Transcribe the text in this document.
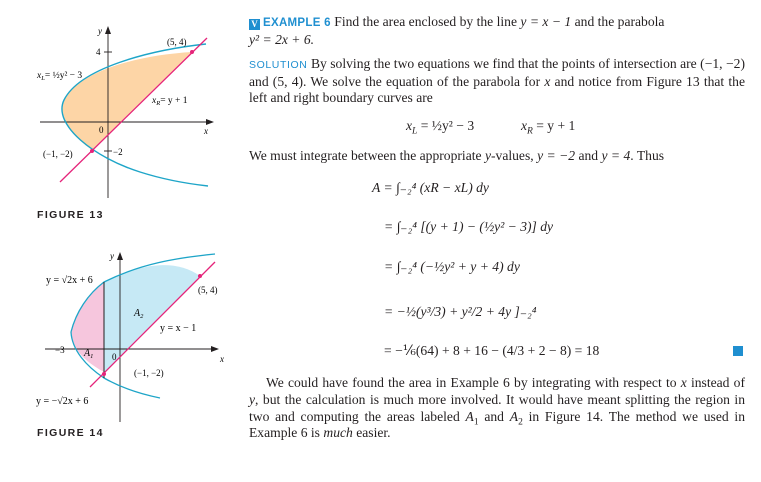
y
x
4
−2
0
(5, 4)
(−1, −2)
$x_L=$ ½y² − 3
$x_R= y + 1$
FIGURE 13
y
x
−3
0
(5, 4)
(−1, −2)
$A_1$
$A_2$
y = √2x + 6
y = −√2x + 6
y = x − 1
FIGURE 14

V EXAMPLE 6 Find the area enclosed by the line y = x − 1 and the parabola
y² = 2x + 6.

SOLUTION By solving the two equations we find that the points of intersection are (−1, −2) and (5, 4). We solve the equation of the parabola for x and notice from Figure 13 that the left and right boundary curves are

$x_L$ = ½y² − 3	$x_R = y + 1$
We must integrate between the appropriate y-values, y = −2 and y = 4. Thus
A = ∫₋₂⁴ (xR − xL) dy
= ∫₋₂⁴ [(y + 1) − (½y² − 3)] dy
= ∫₋₂⁴ (−½y² + y + 4) dy
= −½(y³/3) + y²/2 + 4y ]₋₂⁴
= −⅙(64) + 8 + 16 − (4/3 + 2 − 8) = 18
We could have found the area in Example 6 by integrating with respect to x instead of y, but the calculation is much more involved. It would have meant splitting the region in two and computing the areas labeled $A_1$ and $A_2$ in Figure 14. The method we used in Example 6 is much easier.
